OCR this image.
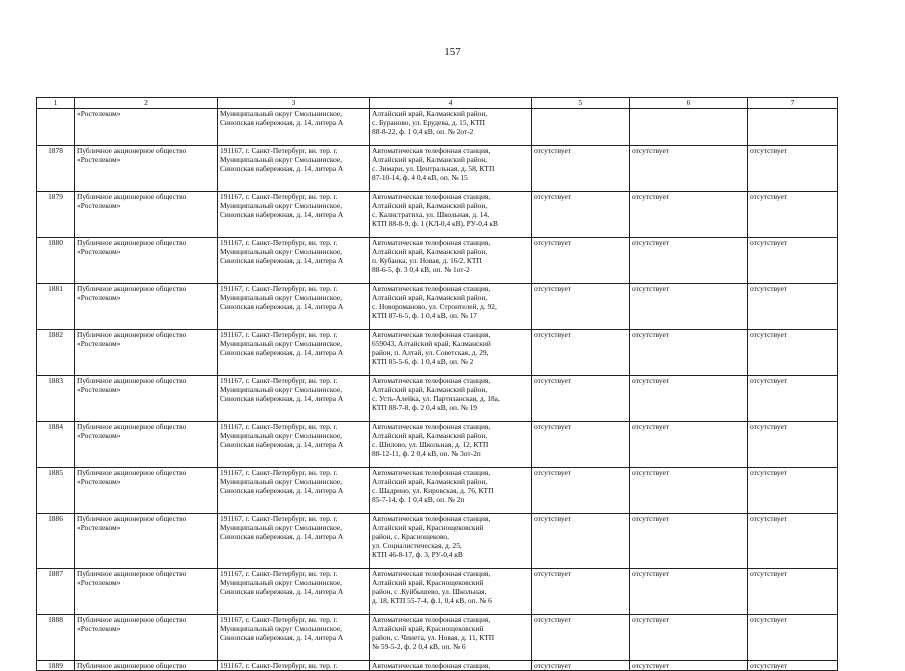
157
1	2	3	4	5	6	7
	«Ростелеком»	Муниципальный округ Смольнинское,
Синопская набережная, д. 14, литера А	Алтайский край, Калманский район,
с. Бураново, ул. Ерудева, д. 15, КТП
88-8-22, ф. 1 0,4 кВ, оп. № 2от-2			
1878	Публичное акционерное общество
«Ростелеком»	191167, г. Санкт-Петербург, вн. тер. г.
Муниципальный округ Смольнинское,
Синопская набережная, д. 14, литера А	Автоматическая телефонная станция,
Алтайский край, Калманский район,
с. Зимари, ул. Центральная, д. 58, КТП
87-10-14, ф. 4 0,4 кВ, оп. № 15	отсутствует	отсутствует	отсутствует
1879	Публичное акционерное общество
«Ростелеком»	191167, г. Санкт-Петербург, вн. тер. г.
Муниципальный округ Смольнинское,
Синопская набережная, д. 14, литера А	Автоматическая телефонная станция,
Алтайский край, Калманский район,
с. Калистратиха, ул. Школьная, д. 14,
КТП 88-8-9, ф. 1 (КЛ-0,4 кВ), РУ-0,4 кВ	отсутствует	отсутствует	отсутствует
1880	Публичное акционерное общество
«Ростелеком»	191167, г. Санкт-Петербург, вн. тер. г.
Муниципальный округ Смольнинское,
Синопская набережная, д. 14, литера А	Автоматическая телефонная станция,
Алтайский край, Калманский район,
п. Кубанка, ул. Новая, д. 16/2, КТП
88-6-5, ф. 3 0,4 кВ, оп. № 1от-2	отсутствует	отсутствует	отсутствует
1881	Публичное акционерное общество
«Ростелеком»	191167, г. Санкт-Петербург, вн. тер. г.
Муниципальный округ Смольнинское,
Синопская набережная, д. 14, литера А	Автоматическая телефонная станция,
Алтайский край, Калманский район,
с. Новороманово, ул. Строителей, д. 92,
КТП 87-6-5, ф. 1 0,4 кВ, оп. № 17	отсутствует	отсутствует	отсутствует
1882	Публичное акционерное общество
«Ростелеком»	191167, г. Санкт-Петербург, вн. тер. г.
Муниципальный округ Смольнинское,
Синопская набережная, д. 14, литера А	Автоматическая телефонная станция,
659043, Алтайский край, Калманский
район, п. Алтай, ул. Советская, д. 29,
КТП 85-5-6, ф. 1 0,4 кВ, оп. № 2	отсутствует	отсутствует	отсутствует
1883	Публичное акционерное общество
«Ростелеком»	191167, г. Санкт-Петербург, вн. тер. г.
Муниципальный округ Смольнинское,
Синопская набережная, д. 14, литера А	Автоматическая телефонная станция,
Алтайский край, Калманский район,
с. Усть-Алейка, ул. Партизанская, д. 18а,
КТП 88-7-8, ф. 2 0,4 кВ, оп. № 19	отсутствует	отсутствует	отсутствует
1884	Публичное акционерное общество
«Ростелеком»	191167, г. Санкт-Петербург, вн. тер. г.
Муниципальный округ Смольнинское,
Синопская набережная, д. 14, литера А	Автоматическая телефонная станция,
Алтайский край, Калманский район,
с. Шилово, ул. Школьная, д. 12, КТП
88-12-11, ф. 2 0,4 кВ, оп. № 3от-2п	отсутствует	отсутствует	отсутствует
1885	Публичное акционерное общество
«Ростелеком»	191167, г. Санкт-Петербург, вн. тер. г.
Муниципальный округ Смольнинское,
Синопская набережная, д. 14, литера А	Автоматическая телефонная станция,
Алтайский край, Калманский район,
с. Шадрино, ул. Кировская, д. 76, КТП
85-7-14, ф. 1 0,4 кВ, оп. № 2п	отсутствует	отсутствует	отсутствует
1886	Публичное акционерное общество
«Ростелеком»	191167, г. Санкт-Петербург, вн. тер. г.
Муниципальный округ Смольнинское,
Синопская набережная, д. 14, литера А	Автоматическая телефонная станция,
Алтайский край, Краснощековский
район, с. Краснощеково,
ул. Социалистическая, д. 25,
КТП 46-8-17, ф. 3, РУ-0,4 кВ	отсутствует	отсутствует	отсутствует
1887	Публичное акционерное общество
«Ростелеком»	191167, г. Санкт-Петербург, вн. тер. г.
Муниципальный округ Смольнинское,
Синопская набережная, д. 14, литера А	Автоматическая телефонная станция,
Алтайский край, Краснощековский
район, с .Куйбышево, ул. Школьная,
д. 18, КТП 55-7-4, ф.1, 0,4 кВ, оп. № 6	отсутствует	отсутствует	отсутствует
1888	Публичное акционерное общество
«Ростелеком»	191167, г. Санкт-Петербург, вн. тер. г.
Муниципальный округ Смольнинское,
Синопская набережная, д. 14, литера А	Автоматическая телефонная станция,
Алтайский край, Краснощековский
район, с. Чинета, ул. Новая, д. 11, КТП
№ 59-5-2, ф. 2 0,4 кВ, оп. № 6	отсутствует	отсутствует	отсутствует
1889	Публичное акционерное общество	191167, г. Санкт-Петербург, вн. тер. г.	Автоматическая телефонная станция,	отсутствует	отсутствует	отсутствует
